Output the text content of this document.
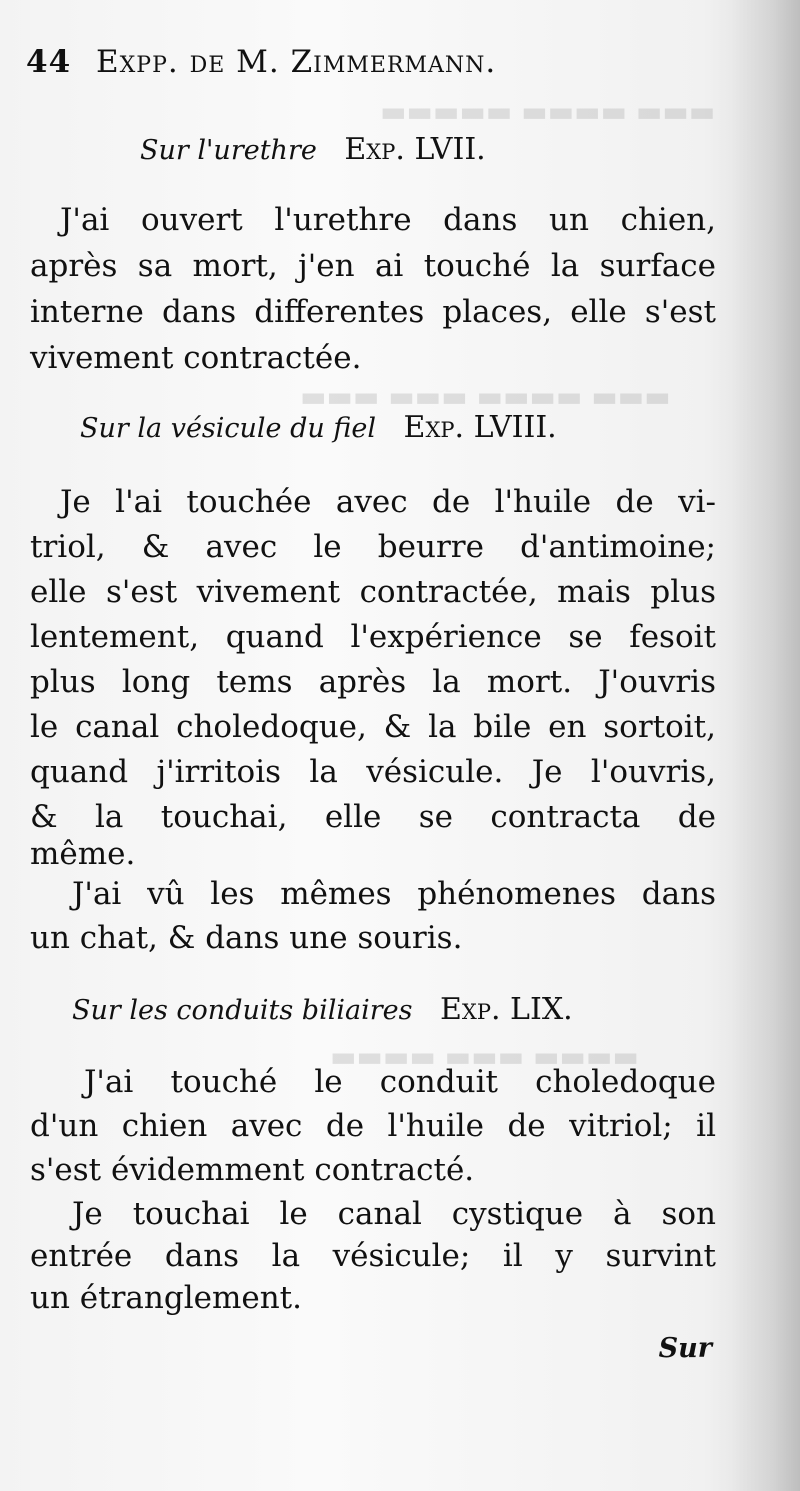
▬▬▬ ▬▬▬▬ ▬▬▬▬▬
▬▬▬ ▬▬▬▬ ▬▬▬ ▬▬▬
▬▬▬▬ ▬▬▬ ▬▬▬▬
44 Expp. de M. Zimmermann.
Sur l'urethre Exp. LVII.
J'ai ouvert l'urethre dans un chien,
après sa mort, j'en ai touché la surface
interne dans differentes places, elle s'est
vivement contractée.
Sur la vésicule du fiel Exp. LVIII.
Je l'ai touchée avec de l'huile de vi-
triol, & avec le beurre d'antimoine;
elle s'est vivement contractée, mais plus
lentement, quand l'expérience se fesoit
plus long tems après la mort. J'ouvris
le canal choledoque, & la bile en sortoit,
quand j'irritois la vésicule. Je l'ouvris,
& la touchai, elle se contracta de
même.
J'ai vû les mêmes phénomenes dans
un chat, & dans une souris.
Sur les conduits biliaires Exp. LIX.
J'ai touché le conduit choledoque
d'un chien avec de l'huile de vitriol; il
s'est évidemment contracté.
Je touchai le canal cystique à son
entrée dans la vésicule; il y survint
un étranglement.
Sur
